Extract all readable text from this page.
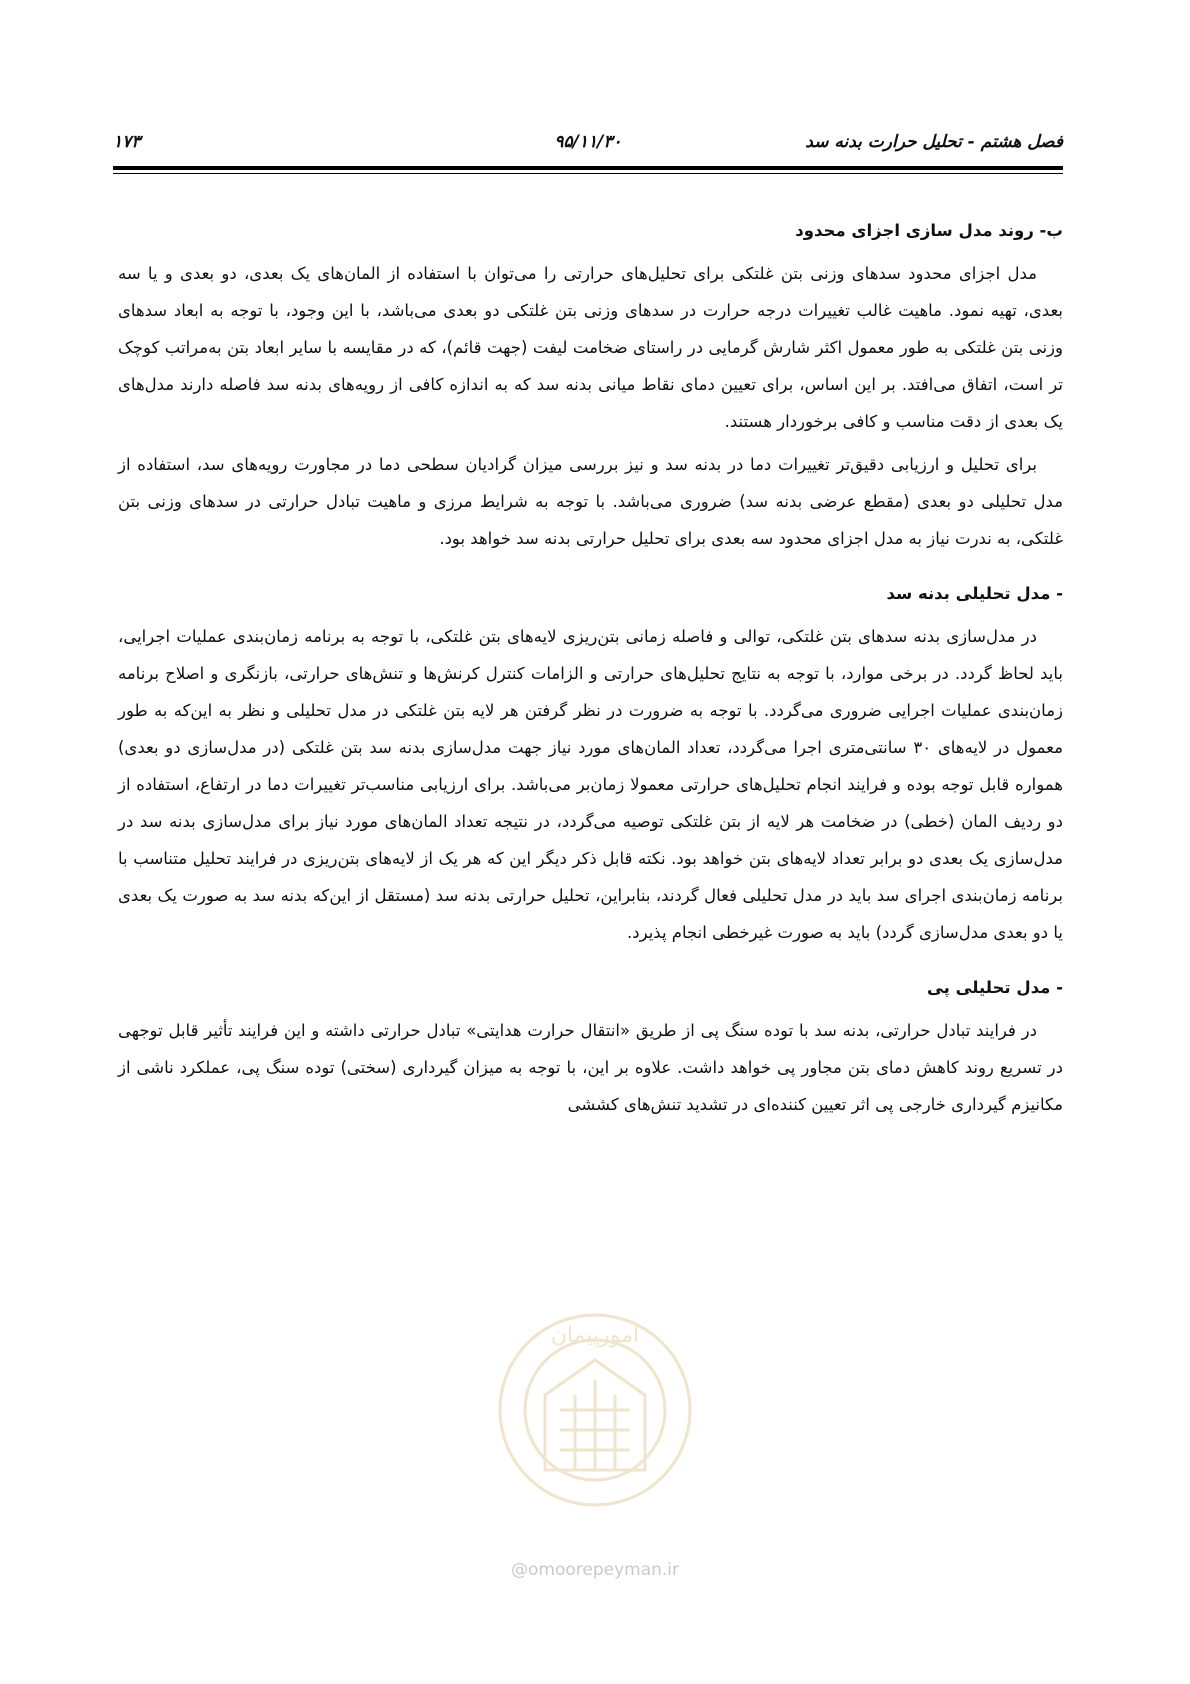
فصل هشتم - تحلیل حرارت بدنه سد
۹۵/۱۱/۳۰
۱۷۳
ب- روند مدل سازی اجزای محدود

مدل اجزای محدود سدهای وزنی بتن غلتکی برای تحلیل‌های حرارتی را می‌توان با استفاده از المان‌های یک بعدی، دو بعدی و یا سه بعدی، تهیه نمود. ماهیت غالب تغییرات درجه حرارت در سدهای وزنی بتن غلتکی دو بعدی می‌باشد، با این وجود، با توجه به ابعاد سدهای وزنی بتن غلتکی به طور معمول اکثر شارش گرمایی در راستای ضخامت لیفت (جهت قائم)، که در مقایسه با سایر ابعاد بتن به‌مراتب کوچک تر است، اتفاق می‌افتد. بر این اساس، برای تعیین دمای نقاط میانی بدنه سد که به اندازه کافی از رویه‌های بدنه سد فاصله دارند مدل‌های یک بعدی از دقت مناسب و کافی برخوردار هستند.

برای تحلیل و ارزیابی دقیق‌تر تغییرات دما در بدنه سد و نیز بررسی میزان گرادیان سطحی دما در مجاورت رویه‌های سد، استفاده از مدل تحلیلی دو بعدی (مقطع عرضی بدنه سد) ضروری می‌باشد. با توجه به شرایط مرزی و ماهیت تبادل حرارتی در سدهای وزنی بتن غلتکی، به ندرت نیاز به مدل اجزای محدود سه بعدی برای تحلیل حرارتی بدنه سد خواهد بود.

- مدل تحلیلی بدنه سد

در مدل‌سازی بدنه سدهای بتن غلتکی، توالی و فاصله زمانی بتن‌ریزی لایه‌های بتن غلتکی، با توجه به برنامه زمان‌بندی عملیات اجرایی، باید لحاظ گردد. در برخی موارد، با توجه به نتایج تحلیل‌های حرارتی و الزامات کنترل کرنش‌ها و تنش‌های حرارتی، بازنگری و اصلاح برنامه زمان‌بندی عملیات اجرایی ضروری می‌گردد. با توجه به ضرورت در نظر گرفتن هر لایه بتن غلتکی در مدل تحلیلی و نظر به این‌که به طور معمول در لایه‌های ۳۰ سانتی‌متری اجرا می‌گردد، تعداد المان‌های مورد نیاز جهت مدل‌سازی بدنه سد بتن غلتکی (در مدل‌سازی دو بعدی) همواره قابل توجه بوده و فرایند انجام تحلیل‌های حرارتی معمولا زمان‌بر می‌باشد. برای ارزیابی مناسب‌تر تغییرات دما در ارتفاع، استفاده از دو ردیف المان (خطی) در ضخامت هر لایه از بتن غلتکی توصیه می‌گردد، در نتیجه تعداد المان‌های مورد نیاز برای مدل‌سازی بدنه سد در مدل‌سازی یک بعدی دو برابر تعداد لایه‌های بتن خواهد بود. نکته قابل ذکر دیگر این که هر یک از لایه‌های بتن‌ریزی در فرایند تحلیل متناسب با برنامه زمان‌بندی اجرای سد باید در مدل تحلیلی فعال گردند، بنابراین، تحلیل حرارتی بدنه سد (مستقل از این‌که بدنه سد به صورت یک بعدی یا دو بعدی مدل‌سازی گردد) باید به صورت غیرخطی انجام پذیرد.

- مدل تحلیلی پی

در فرایند تبادل حرارتی، بدنه سد با توده سنگ پی از طریق «انتقال حرارت هدایتی» تبادل حرارتی داشته و این فرایند تأثیر قابل توجهی در تسریع روند کاهش دمای بتن مجاور پی خواهد داشت. علاوه بر این، با توجه به میزان گیرداری (سختی) توده سنگ پی، عملکرد ناشی از مکانیزم گیرداری خارجی پی اثر تعیین کننده‌ای در تشدید تنش‌های کششی

امورپیمان
@omoorepeyman.ir
